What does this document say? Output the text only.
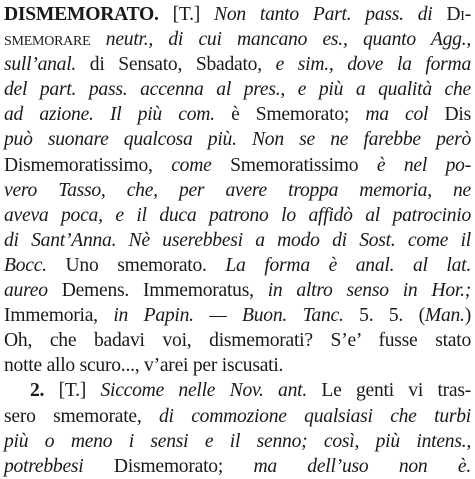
DISMEMORATO. [T.] Non tanto Part. pass. di Di-
smemorare neutr., di cui mancano es., quanto Agg.,
sull’anal. di Sensato, Sbadato, e sim., dove la forma
del part. pass. accenna al pres., e più a qualità che
ad azione. Il più com. è Smemorato; ma col Dis
può suonare qualcosa più. Non se ne farebbe però
Dismemoratissimo, come Smemoratissimo è nel po-
vero Tasso, che, per avere troppa memoria, ne
aveva poca, e il duca patrono lo affidò al patrocinio
di Sant’Anna. Nè userebbesi a modo di Sost. come il
Bocc. Uno smemorato. La forma è anal. al lat.
aureo Demens. Immemoratus, in altro senso in Hor.;
Immemoria, in Papin. — Buon. Tanc. 5. 5. (Man.)
Oh, che badavi voi, dismemorati? S’e’ fusse stato
notte allo scuro..., v’arei per iscusati.
2. [T.] Siccome nelle Nov. ant. Le genti vi tras-
sero smemorate, di commozione qualsiasi che turbi
più o meno i sensi e il senno; così, più intens.,
potrebbesi Dismemorato; ma dell’uso non è.
